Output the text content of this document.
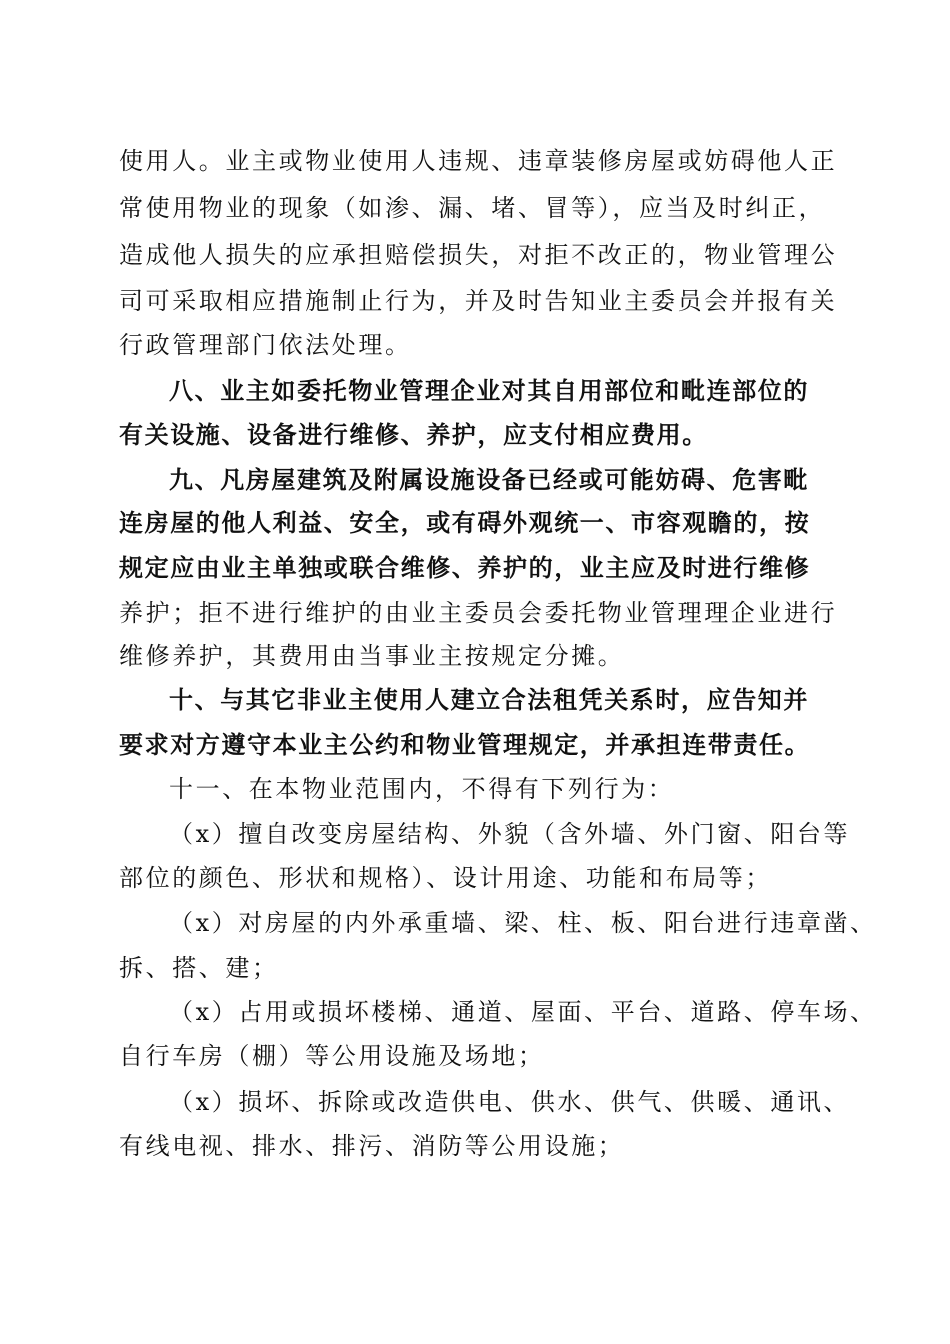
使用人。业主或物业使用人违规、违章装修房屋或妨碍他人正
常使用物业的现象（如渗、漏、堵、冒等），应当及时纠正，
造成他人损失的应承担赔偿损失，对拒不改正的，物业管理公
司可采取相应措施制止行为，并及时告知业主委员会并报有关
行政管理部门依法处理。
八、业主如委托物业管理企业对其自用部位和毗连部位的
有关设施、设备进行维修、养护，应支付相应费用。
九、凡房屋建筑及附属设施设备已经或可能妨碍、危害毗
连房屋的他人利益、安全，或有碍外观统一、市容观瞻的，按
规定应由业主单独或联合维修、养护的，业主应及时进行维修
养护；拒不进行维护的由业主委员会委托物业管理理企业进行
维修养护，其费用由当事业主按规定分摊。
十、与其它非业主使用人建立合法租凭关系时，应告知并
要求对方遵守本业主公约和物业管理规定，并承担连带责任。
十一、在本物业范围内，不得有下列行为：
（x）擅自改变房屋结构、外貌（含外墙、外门窗、阳台等
部位的颜色、形状和规格）、设计用途、功能和布局等；
（x）对房屋的内外承重墙、梁、柱、板、阳台进行违章凿、
拆、搭、建；
（x）占用或损坏楼梯、通道、屋面、平台、道路、停车场、
自行车房（棚）等公用设施及场地；
（x）损坏、拆除或改造供电、供水、供气、供暖、通讯、
有线电视、排水、排污、消防等公用设施；
